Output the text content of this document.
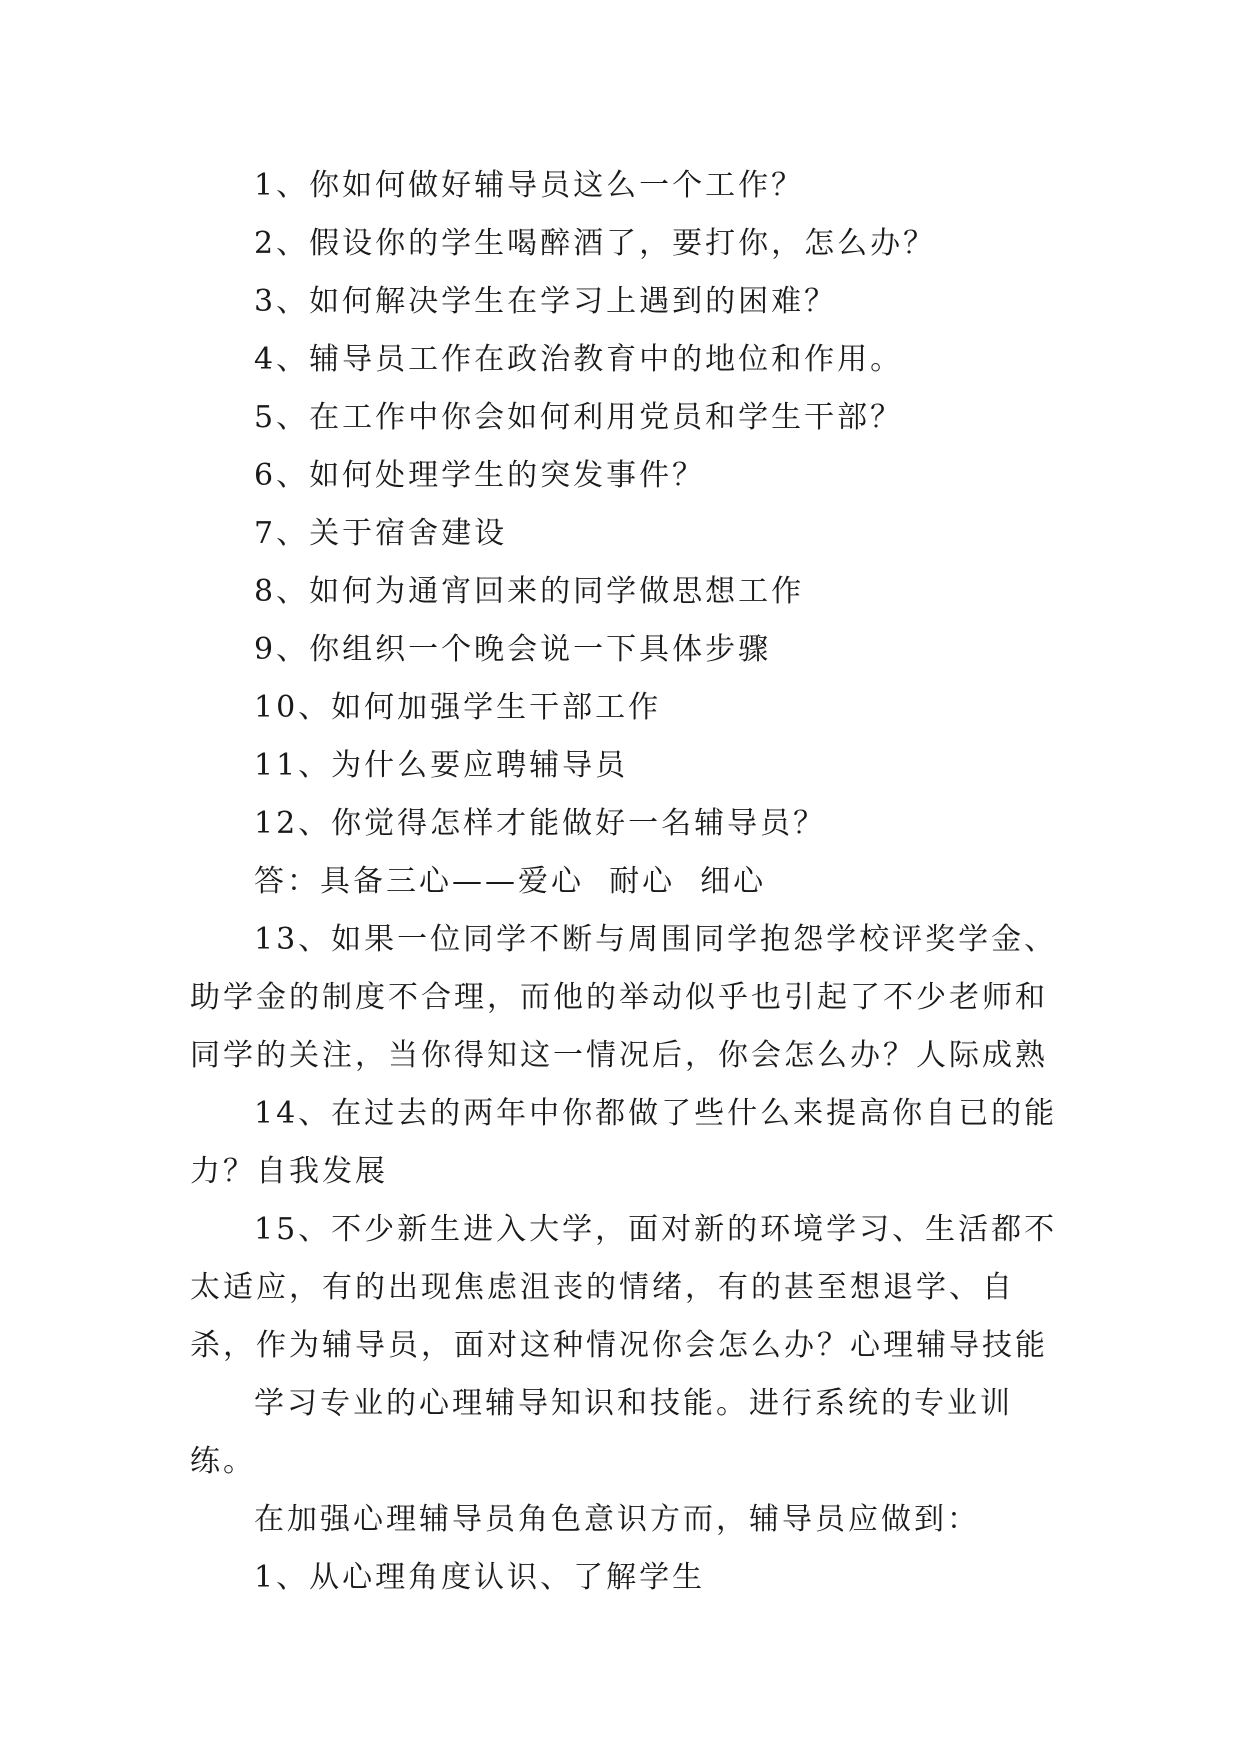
1、你如何做好辅导员这么一个工作？

2、假设你的学生喝醉酒了，要打你，怎么办？

3、如何解决学生在学习上遇到的困难？

4、辅导员工作在政治教育中的地位和作用。

5、在工作中你会如何利用党员和学生干部？

6、如何处理学生的突发事件？

7、关于宿舍建设

8、如何为通宵回来的同学做思想工作

9、你组织一个晚会说一下具体步骤

10、如何加强学生干部工作

11、为什么要应聘辅导员

12、你觉得怎样才能做好一名辅导员？

答：具备三心——爱心  耐心  细心

13、如果一位同学不断与周围同学抱怨学校评奖学金、助学金的制度不合理，而他的举动似乎也引起了不少老师和同学的关注，当你得知这一情况后，你会怎么办？人际成熟

14、在过去的两年中你都做了些什么来提高你自已的能力？自我发展

15、不少新生进入大学，面对新的环境学习、生活都不太适应，有的出现焦虑沮丧的情绪，有的甚至想退学、自杀，作为辅导员，面对这种情况你会怎么办？心理辅导技能

学习专业的心理辅导知识和技能。进行系统的专业训练。

在加强心理辅导员角色意识方而，辅导员应做到：

1、从心理角度认识、了解学生
